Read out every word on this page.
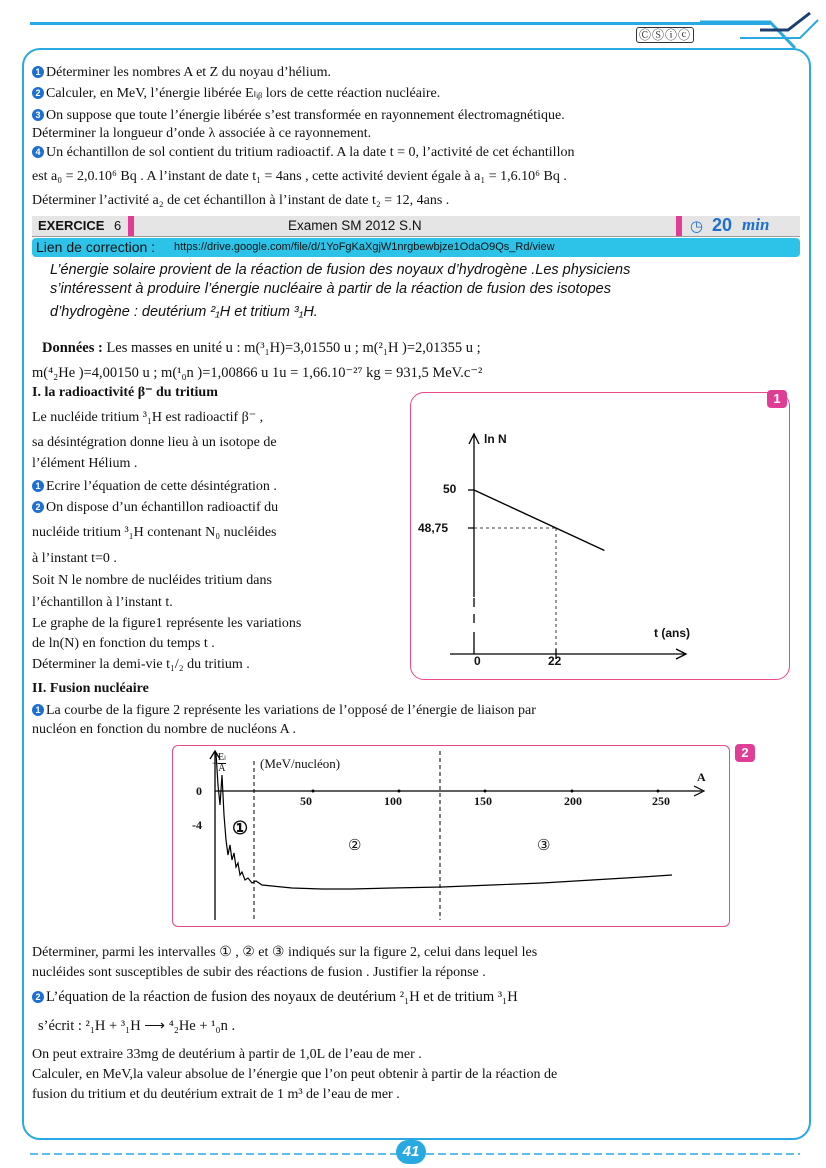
ⒸⓈⓘⓒ
1 Déterminer les nombres A et Z du noyau d’hélium.
2 Calculer, en MeV, l’énergie libérée Eₗᵢᵦ lors de cette réaction nucléaire.
3 On suppose que toute l’énergie libérée s’est transformée en rayonnement électromagnétique.
Déterminer la longueur d’onde λ associée à ce rayonnement.
4 Un échantillon de sol contient du tritium radioactif. A la date t = 0, l’activité de cet échantillon
est a₀ = 2,0.10⁶ Bq . A l’instant de date t₁ = 4ans , cette activité devient égale à a₁ = 1,6.10⁶ Bq .
Déterminer l’activité a₂ de cet échantillon à l’instant de date t₂ = 12, 4ans .
EXERCICE 6	Examen SM 2012 S.N	◷ 20 min
Lien de correction : https://drive.google.com/file/d/1YoFgKaXgjW1nrgbewbjze1OdaO9Qs_Rd/view
L’énergie solaire provient de la réaction de fusion des noyaux d’hydrogène .Les physiciens
s’intéressent à produire l’énergie nucléaire à partir de la réaction de fusion des isotopes
d’hydrogène : deutérium ²₁H et tritium ³₁H.
Données : Les masses en unité u : m(³₁H)=3,01550 u ; m(²₁H )=2,01355 u ;
m(⁴₂He )=4,00150 u ; m(¹₀n )=1,00866 u 1u = 1,66.10⁻²⁷ kg = 931,5 MeV.c⁻²
I. la radioactivité β⁻ du tritium
Le nucléide tritium ³₁H est radioactif β⁻ ,
sa désintégration donne lieu à un isotope de
l’élément Hélium .
1 Ecrire l’équation de cette désintégration .
2 On dispose d’un échantillon radioactif du
nucléide tritium ³₁H contenant N₀ nucléides
à l’instant t=0 .
Soit N le nombre de nucléides tritium dans
l’échantillon à l’instant t.
Le graphe de la figure1 représente les variations
de ln(N) en fonction du temps t .
Déterminer la demi-vie t₁/₂ du tritium .
1
ln N
t (ans)
0
50
48,75
22
II. Fusion nucléaire
1 La courbe de la figure 2 représente les variations de l’opposé de l’énergie de liaison par
nucléon en fonction du nombre de nucléons A .
2
Eₗ
A
−	(MeV/nucléon)
A
0
-4
50	100	150	200	250
①
②	③
Déterminer, parmi les intervalles ① , ② et ③ indiqués sur la figure 2, celui dans lequel les
nucléides sont susceptibles de subir des réactions de fusion . Justifier la réponse .
2 L’équation de la réaction de fusion des noyaux de deutérium ²₁H et de tritium ³₁H
s’écrit : ²₁H + ³₁H ⟶ ⁴₂He + ¹₀n .
On peut extraire 33mg de deutérium à partir de 1,0L de l’eau de mer .
Calculer, en MeV,la valeur absolue de l’énergie que l’on peut obtenir à partir de la réaction de
fusion du tritium et du deutérium extrait de 1 m³ de l’eau de mer .
41
